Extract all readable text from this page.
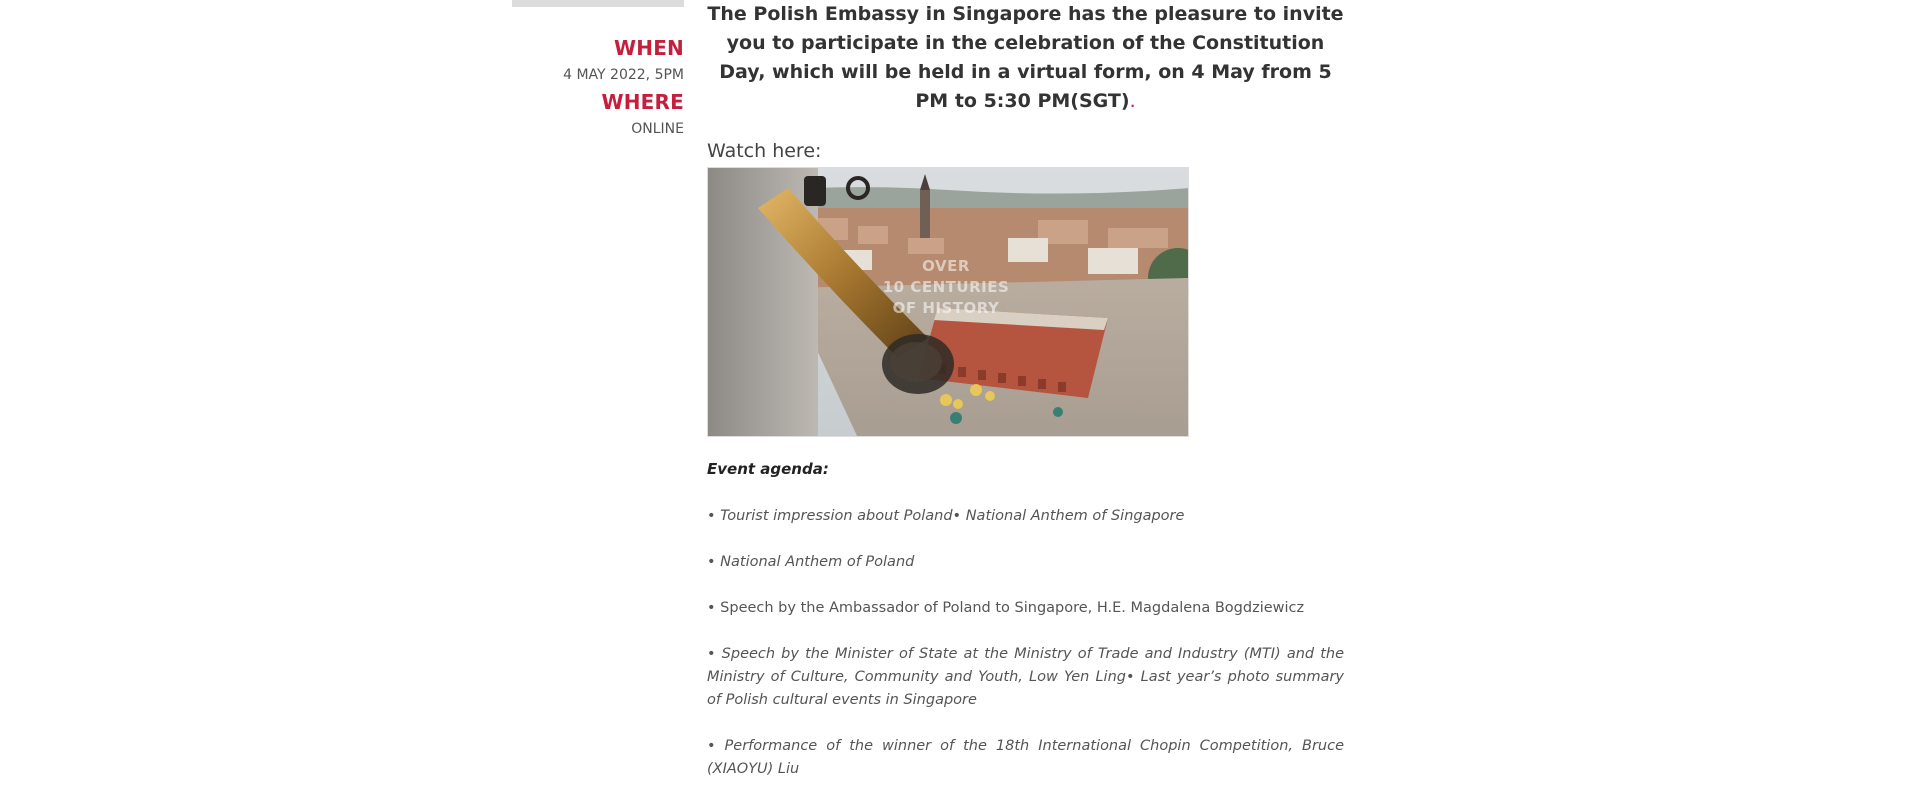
WHEN
4 MAY 2022, 5PM
WHERE
ONLINE
The Polish Embassy in Singapore has the pleasure to invite you to participate in the celebration of the Constitution Day, which will be held in a virtual form, on 4 May from 5 PM to 5:30 PM(SGT).
Watch here:
OVER
10 CENTURIES
OF HISTORY
Event agenda:
• Tourist impression about Poland• National Anthem of Singapore
• National Anthem of Poland
• Speech by the Ambassador of Poland to Singapore, H.E. Magdalena Bogdziewicz
• Speech by the Minister of State at the Ministry of Trade and Industry (MTI) and the Ministry of Culture, Community and Youth, Low Yen Ling• Last year’s photo summary of Polish cultural events in Singapore
• Performance of the winner of the 18th International Chopin Competition, Bruce (XIAOYU) Liu
